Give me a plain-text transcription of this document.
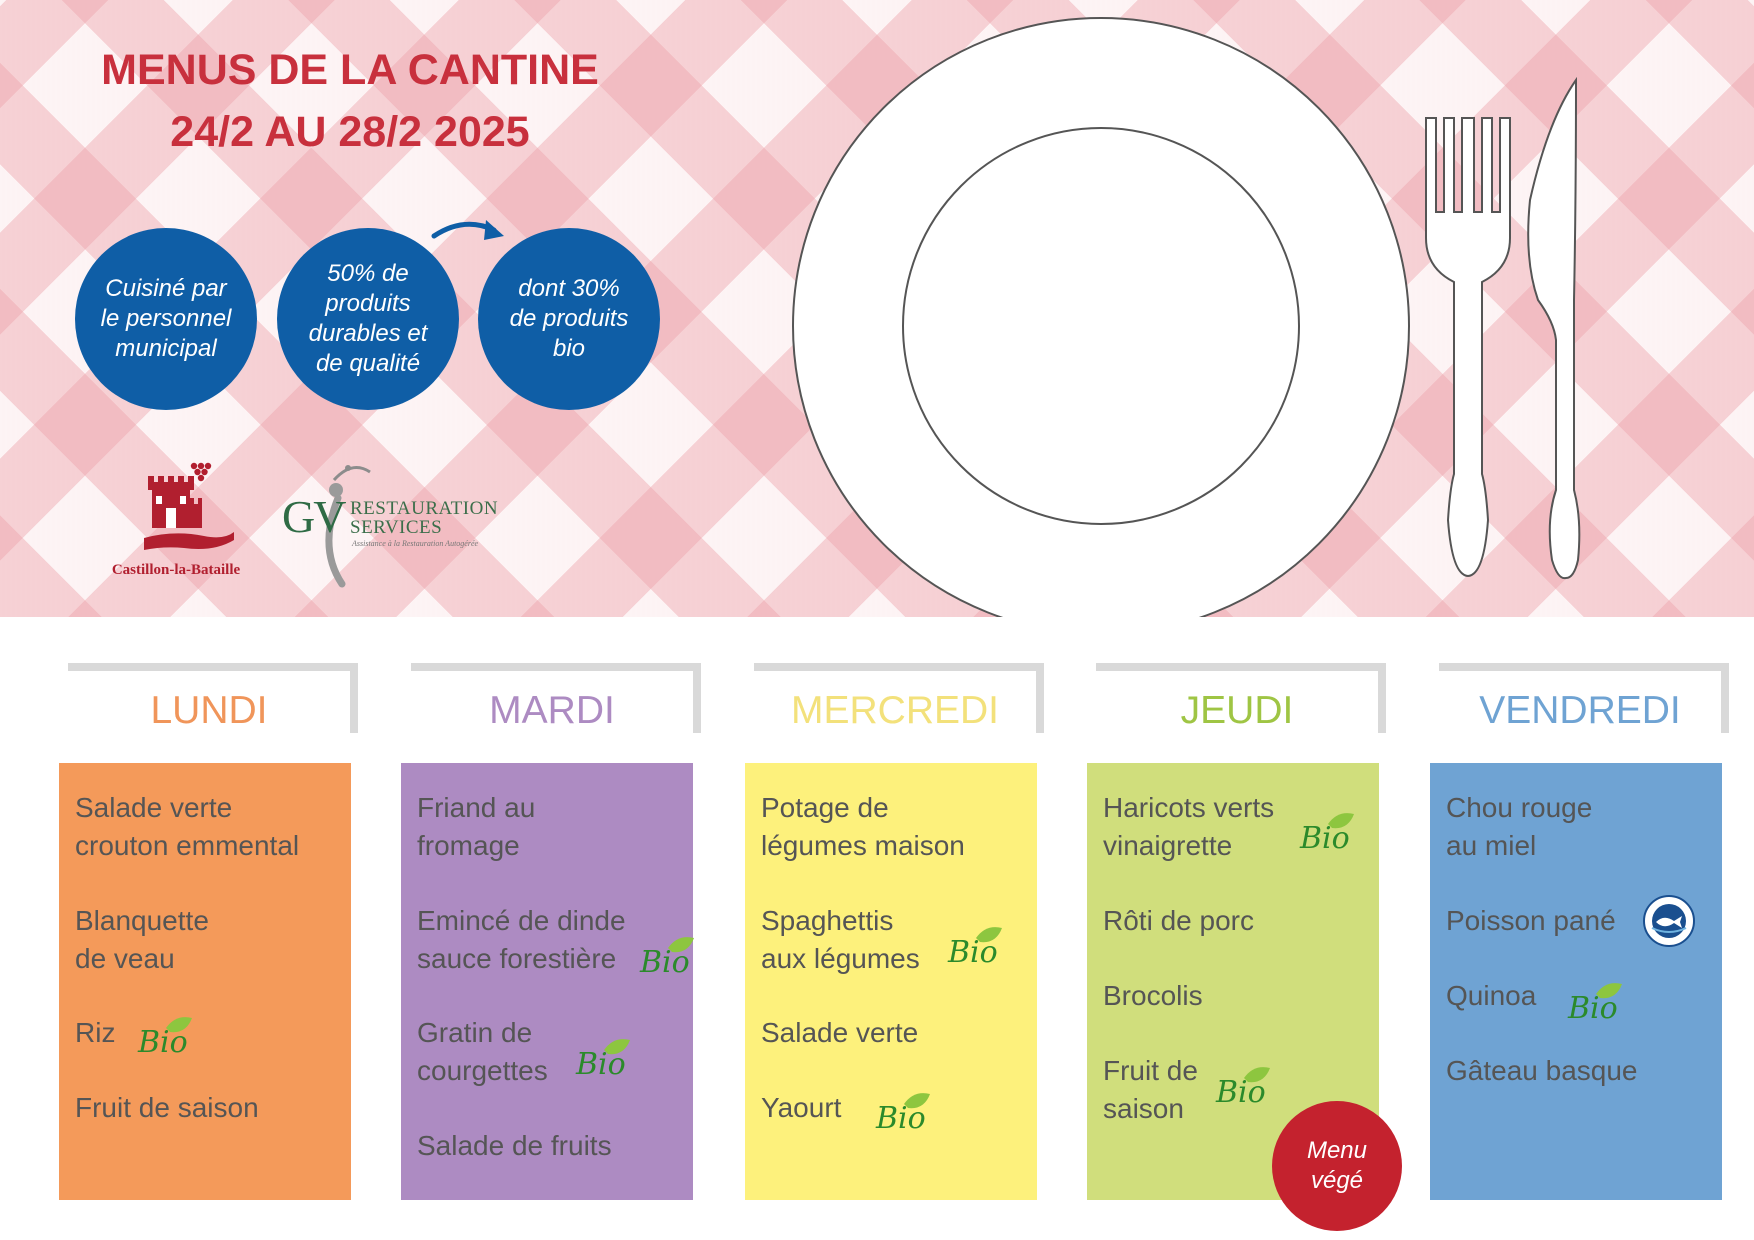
MENUS DE LA CANTINE
24/2 AU 28/2 2025
Cuisiné par
le personnel
municipal
50% de
produits
durables et
de qualité
dont 30%
de produits
bio
Castillon-la-Bataille
GV RESTAURATION
SERVICES
Assistance à la Restauration Autogérée
LUNDI	MARDI	MERCREDI	JEUDI	VENDREDI
Salade verte
crouton emmental
Blanquette
de veau
Riz
Fruit de saison
Friand au
fromage
Emincé de dinde
sauce forestière
Gratin de
courgettes
Salade de fruits
Potage de
légumes maison
Spaghettis
aux légumes
Salade verte
Yaourt
Haricots verts
vinaigrette
Rôti de porc
Brocolis
Fruit de
saison
Chou rouge
au miel
Poisson pané
Quinoa
Gâteau basque
Bio
Bio
Bio
Bio
Bio
Bio
Bio
Bio
Menu
végé
